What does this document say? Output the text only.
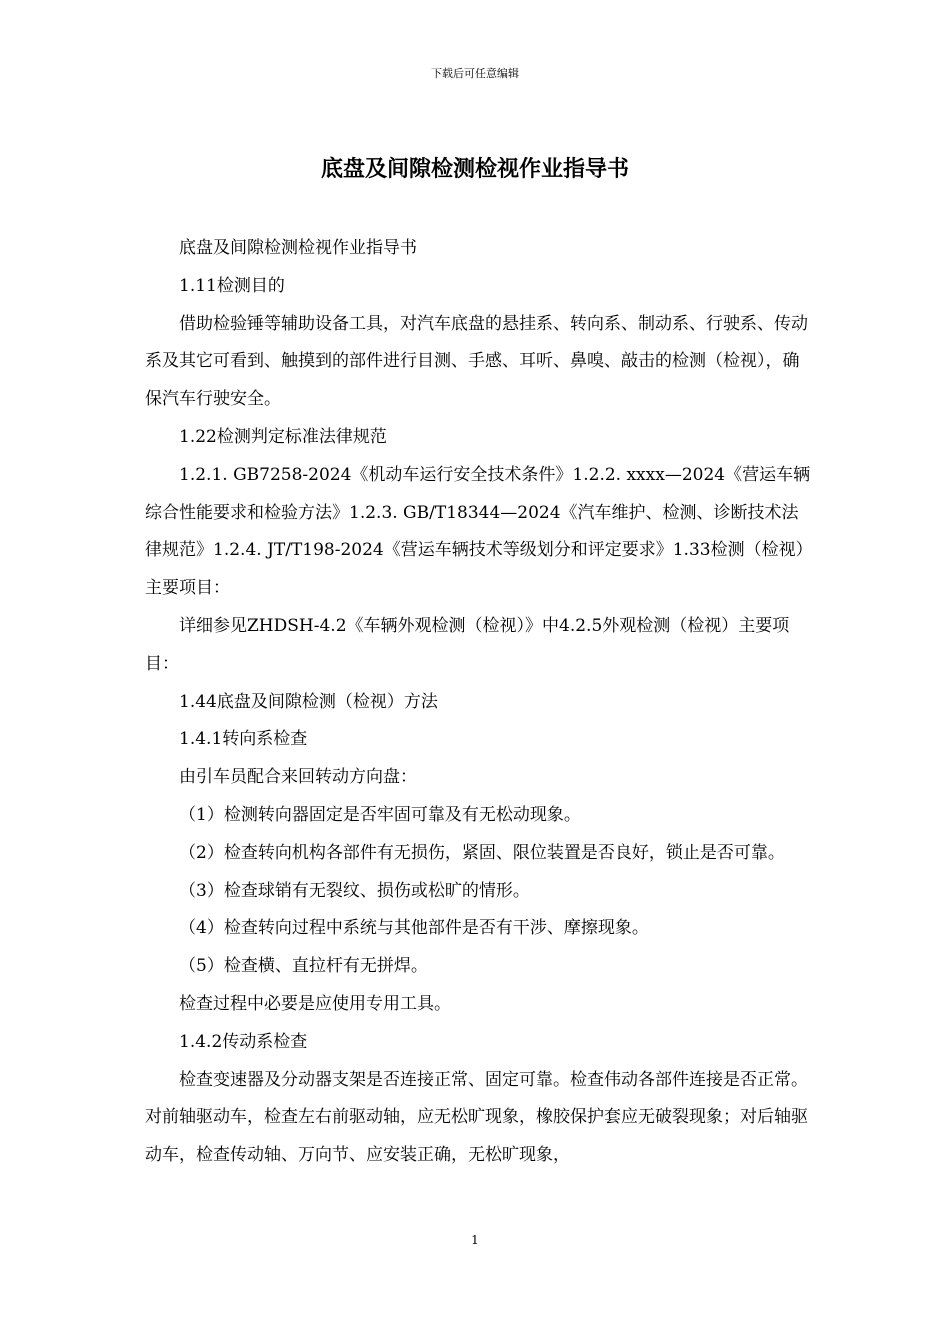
下载后可任意编辑
底盘及间隙检测检视作业指导书

底盘及间隙检测检视作业指导书

1.11检测目的

借助检验锤等辅助设备工具，对汽车底盘的悬挂系、转向系、制动系、行驶系、传动系及其它可看到、触摸到的部件进行目测、手感、耳听、鼻嗅、敲击的检测（检视），确保汽车行驶安全。

1.22检测判定标准法律规范

1.2.1. GB7258-2024《机动车运行安全技术条件》1.2.2. xxxx—2024《营运车辆综合性能要求和检验方法》1.2.3. GB/T18344—2024《汽车维护、检测、诊断技术法律规范》1.2.4. JT/T198-2024《营运车辆技术等级划分和评定要求》1.33检测（检视）主要项目：

详细参见ZHDSH-4.2《车辆外观检测（检视）》中4.2.5外观检测（检视）主要项目：

1.44底盘及间隙检测（检视）方法

1.4.1转向系检查

由引车员配合来回转动方向盘：

（1）检测转向器固定是否牢固可靠及有无松动现象。

（2）检查转向机构各部件有无损伤，紧固、限位装置是否良好，锁止是否可靠。

（3）检查球销有无裂纹、损伤或松旷的情形。

（4）检查转向过程中系统与其他部件是否有干涉、摩擦现象。

（5）检查横、直拉杆有无拼焊。

检查过程中必要是应使用专用工具。

1.4.2传动系检查

检查变速器及分动器支架是否连接正常、固定可靠。检查伟动各部件连接是否正常。对前轴驱动车，检查左右前驱动轴，应无松旷现象，橡胶保护套应无破裂现象；对后轴驱动车，检查传动轴、万向节、应安装正确，无松旷现象，

1
